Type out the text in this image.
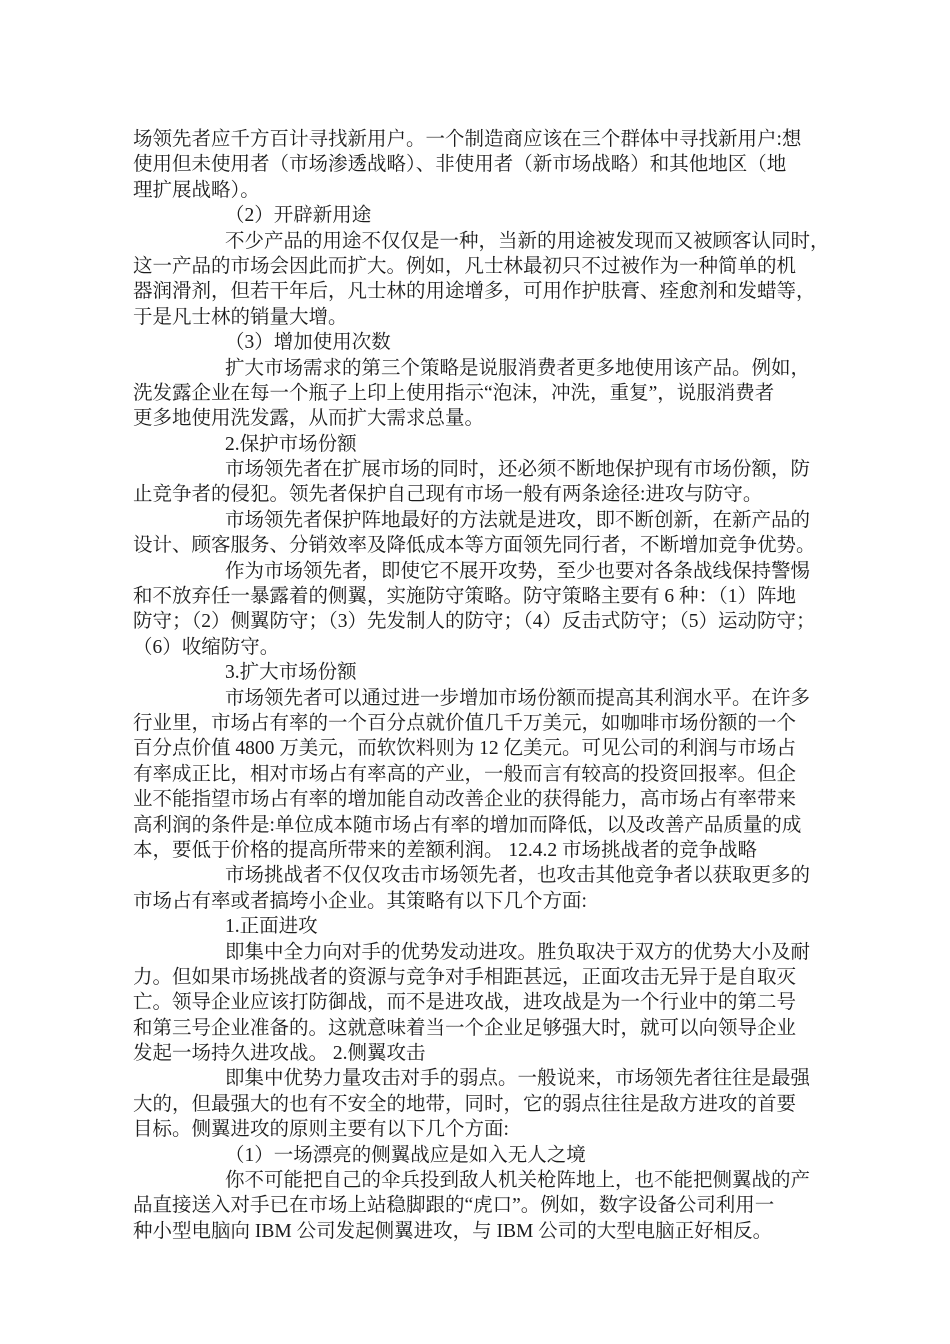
场领先者应千方百计寻找新用户。一个制造商应该在三个群体中寻找新用户:想
使用但未使用者（市场渗透战略）、非使用者（新市场战略）和其他地区（地
理扩展战略）。
（2）开辟新用途
不少产品的用途不仅仅是一种，当新的用途被发现而又被顾客认同时，
这一产品的市场会因此而扩大。例如，凡士林最初只不过被作为一种简单的机
器润滑剂，但若干年后，凡士林的用途增多，可用作护肤膏、痊愈剂和发蜡等，
于是凡士林的销量大增。
（3）增加使用次数
扩大市场需求的第三个策略是说服消费者更多地使用该产品。例如，
洗发露企业在每一个瓶子上印上使用指示“泡沫，冲洗，重复”，说服消费者
更多地使用洗发露，从而扩大需求总量。
2.保护市场份额
市场领先者在扩展市场的同时，还必须不断地保护现有市场份额，防
止竞争者的侵犯。领先者保护自己现有市场一般有两条途径:进攻与防守。
市场领先者保护阵地最好的方法就是进攻，即不断创新，在新产品的
设计、顾客服务、分销效率及降低成本等方面领先同行者，不断增加竞争优势。
作为市场领先者，即使它不展开攻势，至少也要对各条战线保持警惕
和不放弃任一暴露着的侧翼，实施防守策略。防守策略主要有 6 种：（1）阵地
防守；（2）侧翼防守；（3）先发制人的防守；（4）反击式防守；（5）运动防守；
（6）收缩防守。
3.扩大市场份额
市场领先者可以通过进一步增加市场份额而提高其利润水平。在许多
行业里，市场占有率的一个百分点就价值几千万美元，如咖啡市场份额的一个
百分点价值 4800 万美元，而软饮料则为 12 亿美元。可见公司的利润与市场占
有率成正比，相对市场占有率高的产业，一般而言有较高的投资回报率。但企
业不能指望市场占有率的增加能自动改善企业的获得能力，高市场占有率带来
高利润的条件是:单位成本随市场占有率的增加而降低，以及改善产品质量的成
本，要低于价格的提高所带来的差额利润。 12.4.2 市场挑战者的竞争战略
市场挑战者不仅仅攻击市场领先者，也攻击其他竞争者以获取更多的
市场占有率或者搞垮小企业。其策略有以下几个方面:
1.正面进攻
即集中全力向对手的优势发动进攻。胜负取决于双方的优势大小及耐
力。但如果市场挑战者的资源与竞争对手相距甚远，正面攻击无异于是自取灭
亡。领导企业应该打防御战，而不是进攻战，进攻战是为一个行业中的第二号
和第三号企业准备的。这就意味着当一个企业足够强大时，就可以向领导企业
发起一场持久进攻战。 2.侧翼攻击
即集中优势力量攻击对手的弱点。一般说来，市场领先者往往是最强
大的，但最强大的也有不安全的地带，同时，它的弱点往往是敌方进攻的首要
目标。侧翼进攻的原则主要有以下几个方面:
（1）一场漂亮的侧翼战应是如入无人之境
你不可能把自己的伞兵投到敌人机关枪阵地上，也不能把侧翼战的产
品直接送入对手已在市场上站稳脚跟的“虎口”。例如，数字设备公司利用一
种小型电脑向 IBM 公司发起侧翼进攻，与 IBM 公司的大型电脑正好相反。
